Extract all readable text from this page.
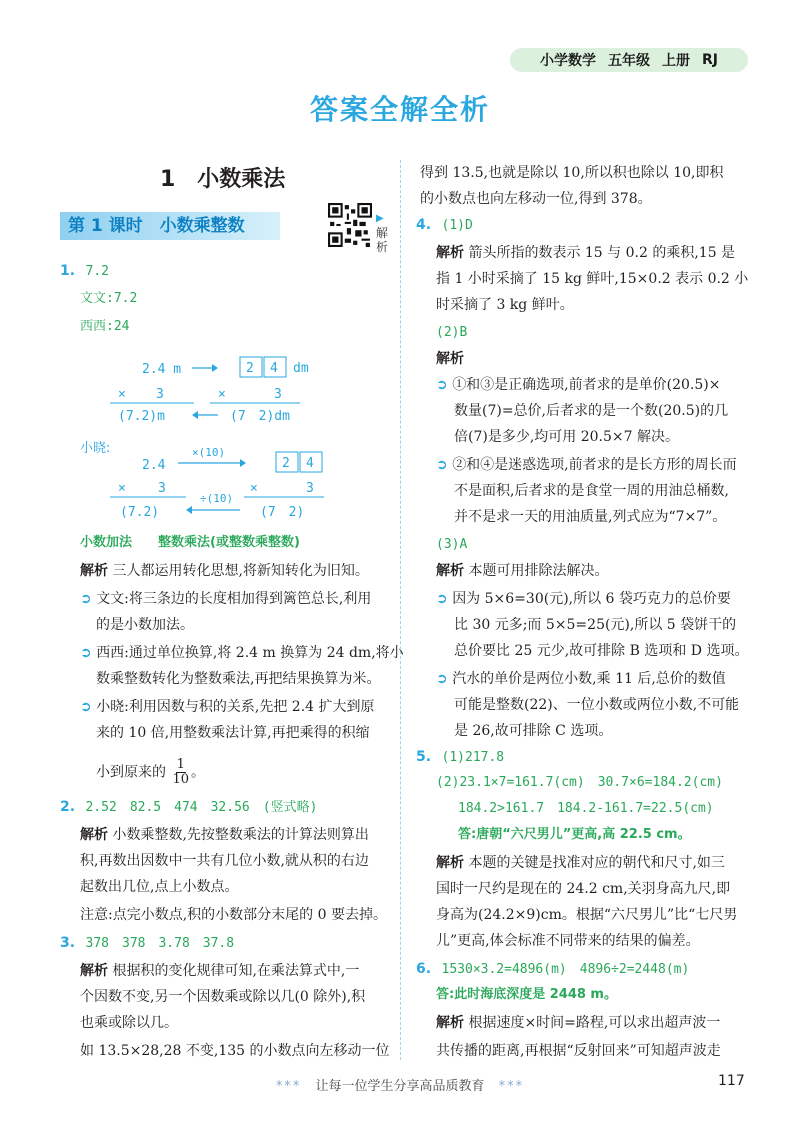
小学数学 五年级 上册 RJ
答案全解全析
1　小数乘法
第 1 课时　小数乘整数	▶
解析
1. 7.2
文文:7.2
西西:24
2.4 m	2 4 dm
× 3	×	3
(7.2)m	(7　2)dm
小晓:
2.4
×(10)
2 4
× 3
÷(10)
×	3
(7.2)	(7　2)
小数加法　　整数乘法(或整数乘整数)
解析 三人都运用转化思想,将新知转化为旧知。
➲ 文文:将三条边的长度相加得到篱笆总长,利用
的是小数加法。
➲ 西西:通过单位换算,将 2.4 m 换算为 24 dm,将小
数乘整数转化为整数乘法,再把结果换算为米。
➲ 小晓:利用因数与积的关系,先把 2.4 扩大到原
来的 10 倍,用整数乘法计算,再把乘得的积缩
小到原来的 $\frac{1}{10}$ 。
2. 2.52　82.5　474　32.56　(竖式略)
解析 小数乘整数,先按整数乘法的计算法则算出
积,再数出因数中一共有几位小数,就从积的右边
起数出几位,点上小数点。
注意:点完小数点,积的小数部分末尾的 0 要去掉。
3. 378　378　3.78　37.8
解析 根据积的变化规律可知,在乘法算式中,一
个因数不变,另一个因数乘或除以几(0 除外),积
也乘或除以几。
如 13.5×28,28 不变,135 的小数点向左移动一位
得到 13.5,也就是除以 10,所以积也除以 10,即积
的小数点也向左移动一位,得到 378。
4. (1)D
解析 箭头所指的数表示 15 与 0.2 的乘积,15 是
指 1 小时采摘了 15 kg 鲜叶,15×0.2 表示 0.2 小
时采摘了 3 kg 鲜叶。
(2)B
解析
➲ ①和③是正确选项,前者求的是单价(20.5)×
数量(7)=总价,后者求的是一个数(20.5)的几
倍(7)是多少,均可用 20.5×7 解决。
➲ ②和④是迷惑选项,前者求的是长方形的周长而
不是面积,后者求的是食堂一周的用油总桶数,
并不是求一天的用油质量,列式应为“7×7”。
(3)A
解析 本题可用排除法解决。
➲ 因为 5×6=30(元),所以 6 袋巧克力的总价要
比 30 元多;而 5×5=25(元),所以 5 袋饼干的
总价要比 25 元少,故可排除 B 选项和 D 选项。
➲ 汽水的单价是两位小数,乘 11 后,总价的数值
可能是整数(22)、一位小数或两位小数,不可能
是 26,故可排除 C 选项。
5. (1)217.8
(2)23.1×7=161.7(cm)　30.7×6=184.2(cm)
184.2>161.7　184.2-161.7=22.5(cm)
答:唐朝“六尺男儿”更高,高 22.5 cm。
解析 本题的关键是找准对应的朝代和尺寸,如三
国时一尺约是现在的 24.2 cm,关羽身高九尺,即
身高为(24.2×9)cm。根据“六尺男儿”比“七尺男
儿”更高,体会标准不同带来的结果的偏差。
6. 1530×3.2=4896(m)　4896÷2=2448(m)
答:此时海底深度是 2448 m。
解析 根据速度×时间=路程,可以求出超声波一
共传播的距离,再根据“反射回来”可知超声波走
*** 让每一位学生分享高品质教育 ***	117
